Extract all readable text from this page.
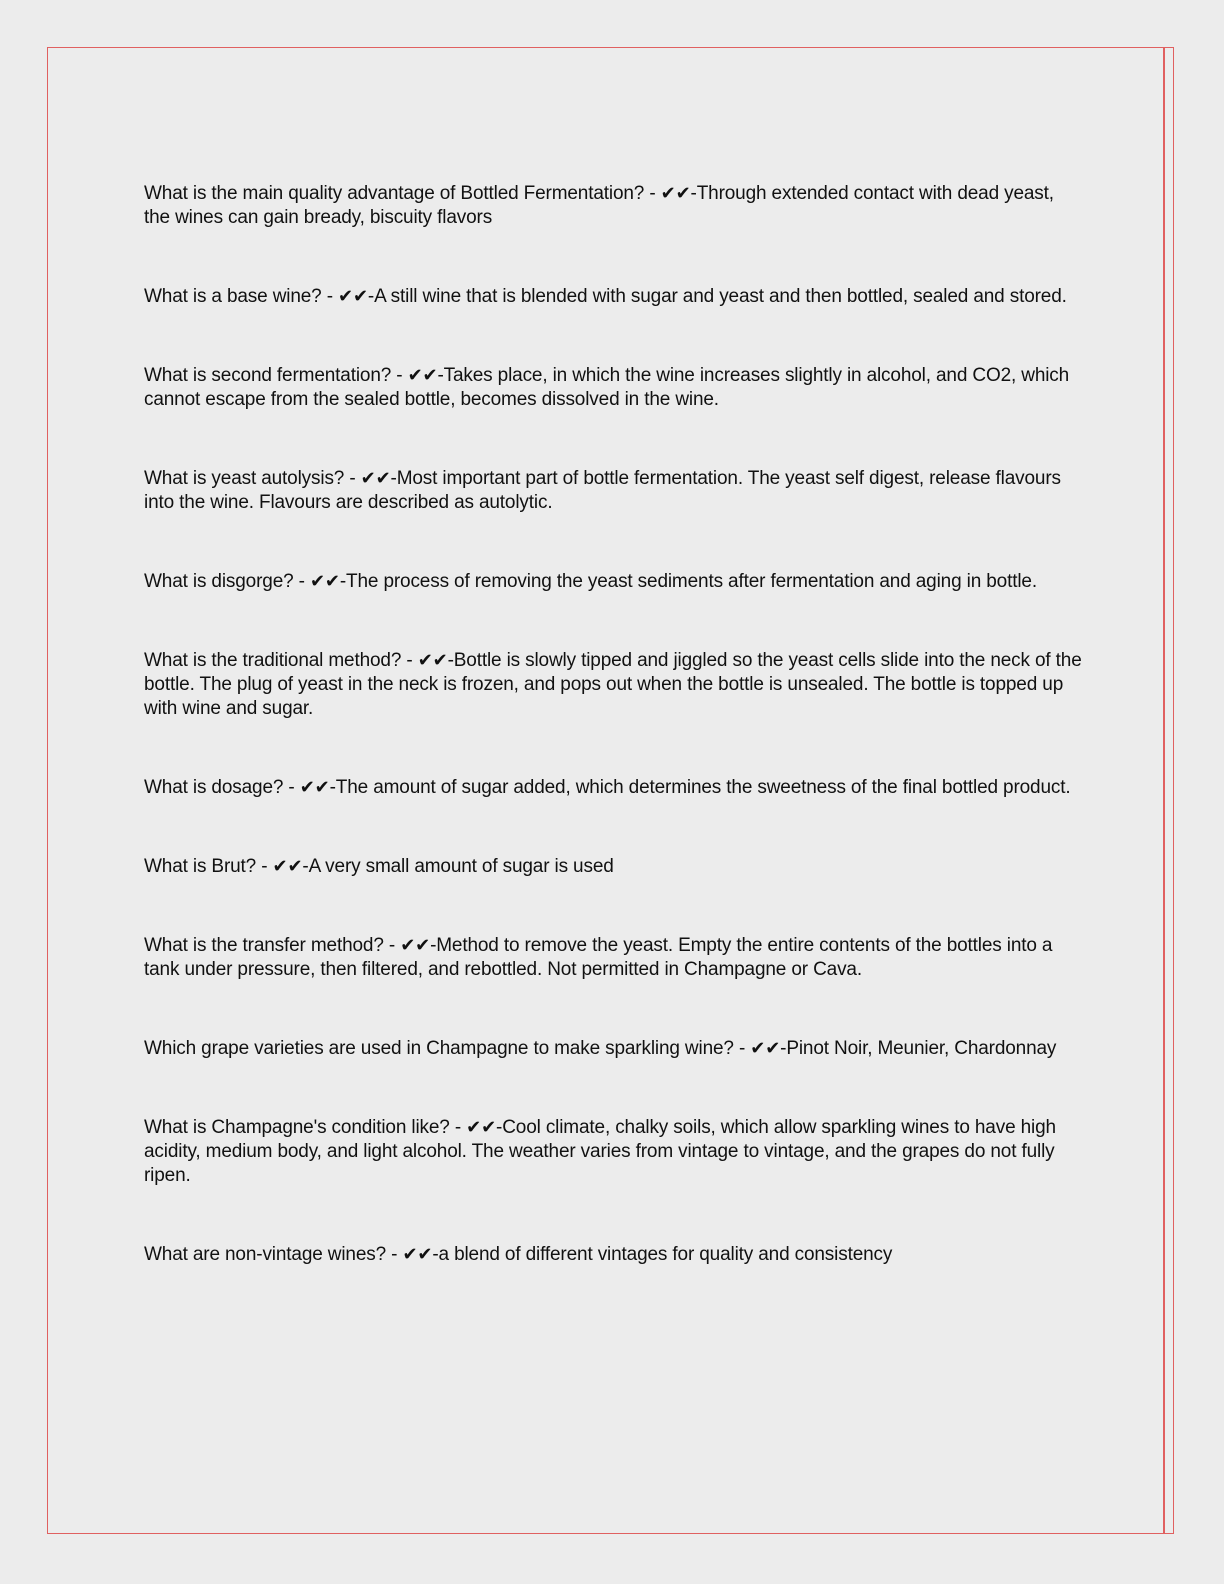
What is the main quality advantage of Bottled Fermentation? - ✔✔-Through extended contact with dead yeast, the wines can gain bready, biscuity flavors

What is a base wine? - ✔✔-A still wine that is blended with sugar and yeast and then bottled, sealed and stored.

What is second fermentation? - ✔✔-Takes place, in which the wine increases slightly in alcohol, and CO2, which cannot escape from the sealed bottle, becomes dissolved in the wine.

What is yeast autolysis? - ✔✔-Most important part of bottle fermentation. The yeast self digest, release flavours into the wine. Flavours are described as autolytic.

What is disgorge? - ✔✔-The process of removing the yeast sediments after fermentation and aging in bottle.

What is the traditional method? - ✔✔-Bottle is slowly tipped and jiggled so the yeast cells slide into the neck of the bottle. The plug of yeast in the neck is frozen, and pops out when the bottle is unsealed. The bottle is topped up with wine and sugar.

What is dosage? - ✔✔-The amount of sugar added, which determines the sweetness of the final bottled product.

What is Brut? - ✔✔-A very small amount of sugar is used

What is the transfer method? - ✔✔-Method to remove the yeast. Empty the entire contents of the bottles into a tank under pressure, then filtered, and rebottled. Not permitted in Champagne or Cava.

Which grape varieties are used in Champagne to make sparkling wine? - ✔✔-Pinot Noir, Meunier, Chardonnay

What is Champagne's condition like? - ✔✔-Cool climate, chalky soils, which allow sparkling wines to have high acidity, medium body, and light alcohol. The weather varies from vintage to vintage, and the grapes do not fully ripen.

What are non-vintage wines? - ✔✔-a blend of different vintages for quality and consistency
